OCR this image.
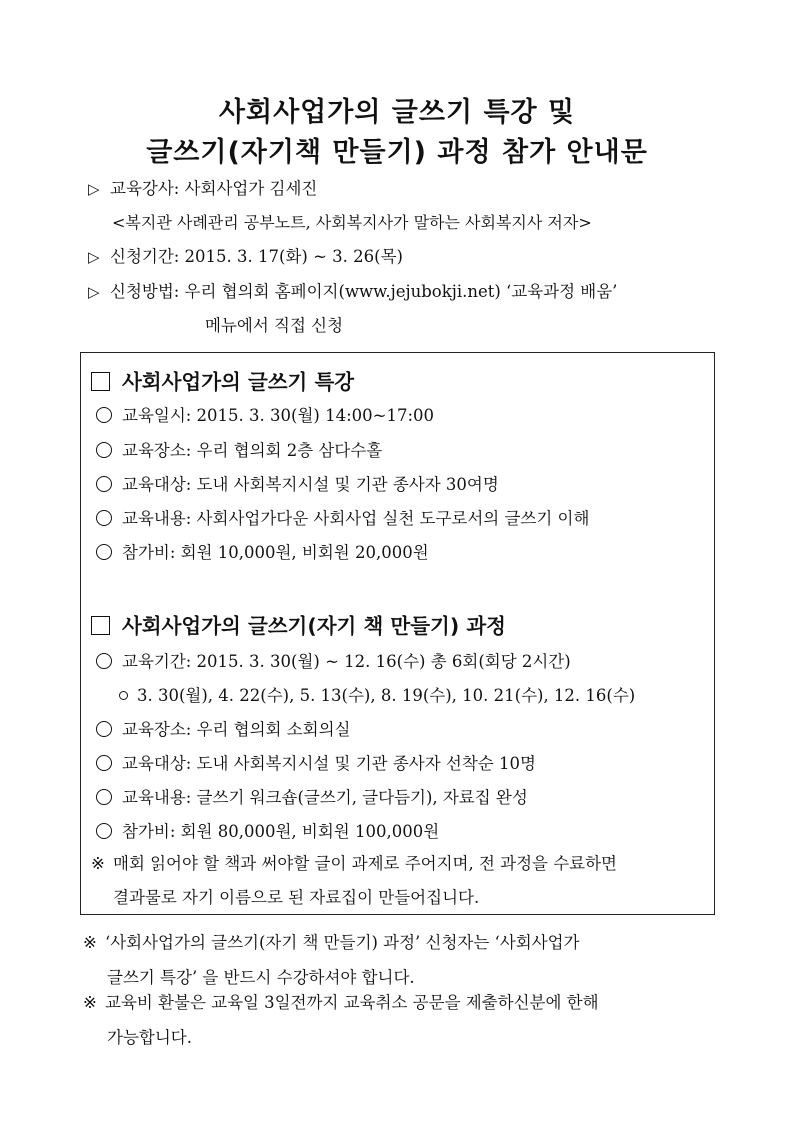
사회사업가의 글쓰기 특강 및
글쓰기(자기책 만들기) 과정 참가 안내문
▷ 교육강사: 사회사업가 김세진
<복지관 사례관리 공부노트, 사회복지사가 말하는 사회복지사 저자>
▷ 신청기간: 2015. 3. 17(화) ~ 3. 26(목)
▷ 신청방법: 우리 협의회 홈페이지(www.jejubokji.net) ‘교육과정 배움’
메뉴에서 직접 신청
사회사업가의 글쓰기 특강
교육일시: 2015. 3. 30(월) 14:00~17:00
교육장소: 우리 협의회 2층 삼다수홀
교육대상: 도내 사회복지시설 및 기관 종사자 30여명
교육내용: 사회사업가다운 사회사업 실천 도구로서의 글쓰기 이해
참가비: 회원 10,000원, 비회원 20,000원
사회사업가의 글쓰기(자기 책 만들기) 과정
교육기간: 2015. 3. 30(월) ~ 12. 16(수) 총 6회(회당 2시간)
3. 30(월), 4. 22(수), 5. 13(수), 8. 19(수), 10. 21(수), 12. 16(수)
교육장소: 우리 협의회 소회의실
교육대상: 도내 사회복지시설 및 기관 종사자 선착순 10명
교육내용: 글쓰기 워크숍(글쓰기, 글다듬기), 자료집 완성
참가비: 회원 80,000원, 비회원 100,000원
※ 매회 읽어야 할 책과 써야할 글이 과제로 주어지며, 전 과정을 수료하면
결과물로 자기 이름으로 된 자료집이 만들어집니다.
※ ‘사회사업가의 글쓰기(자기 책 만들기) 과정’ 신청자는 ‘사회사업가
글쓰기 특강’ 을 반드시 수강하셔야 합니다.
※ 교육비 환불은 교육일 3일전까지 교육취소 공문을 제출하신분에 한해
가능합니다.
